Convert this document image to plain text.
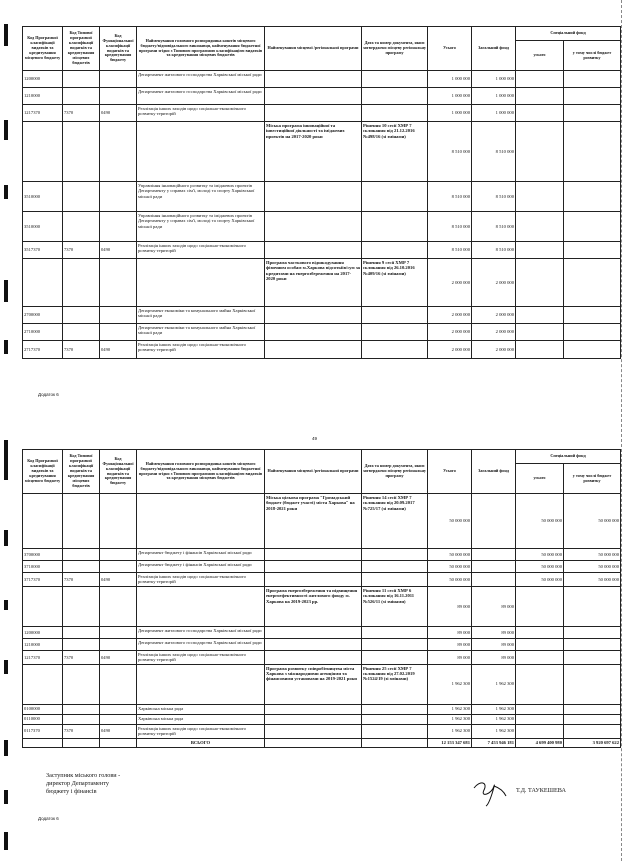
Код Програмної класифікації видатків та кредитування місцевого бюджету	Код Типової програмної класифікації видатків та кредитування місцевих бюджетів	Код Функціональної класифікації видатків та кредитування бюджету	Найменування головного розпорядника коштів місцевого бюджету/відповідального виконавця, найменування бюджетної програми згідно з Типовою програмною класифікацією видатків та кредитування місцевих бюджетів	Найменування місцевої /регіональної програми	Дата та номер документа, яким затверджено місцеву регіональну програму	Усього	Загальний фонд	Спеціальний фонд	
								усього	у тому числі бюджет розвитку
1200000			Департамент житлового господарства Харківської міської ради			1 000 000	1 000 000		
1210000			Департамент житлового господарства Харківської міської ради			1 000 000	1 000 000		
1217370	7370	0490	Реалізація інших заходів щодо соціально-економічного розвитку територій			1 000 000	1 000 000		
				Міська програма інноваційної та інвестиційної діяльності та іміджевих проектів на 2017-2020 роки	Рішення 10 сесії ХМР 7 скликання від 21.12.2016 №498/16 (зі змінами)	8 510 000	8 510 000		
3510000			Управління інноваційного розвитку та іміджевих проектів Департаменту у справах сім'ї, молоді та спорту Харківської міської ради			8 510 000	8 510 000		
3510000			Управління інноваційного розвитку та іміджевих проектів Департаменту у справах сім'ї, молоді та спорту Харківської міської ради			8 510 000	8 510 000		
3517370	7370	0490	Реалізація інших заходів щодо соціально-економічного розвитку територій			8 510 000	8 510 000		
				Програма часткового відшкодування фізичним особам м.Харкова відсоткіів/сум за кредитами на енергозбереження на 2017-2020 роки	Рішення 9 сесії ХМР 7 скликання від 26.10.2016 №409/16 (зі змінами)	2 000 000	2 000 000		
2700000			Департамент економіки та комунального майна Харківської міської ради			2 000 000	2 000 000		
2710000			Департамент економіки та комунального майна Харківської міської ради			2 000 000	2 000 000		
2717370	7370	0490	Реалізація інших заходів щодо соціально-економічного розвитку територій			2 000 000	2 000 000		
Додаток 6
49
Код Програмної класифікації видатків та кредитування місцевого бюджету	Код Типової програмної класифікації видатків та кредитування місцевих бюджетів	Код Функціональної класифікації видатків та кредитування бюджету	Найменування головного розпорядника коштів місцевого бюджету/відповідального виконавця, найменування бюджетної програми згідно з Типовою програмною класифікацією видатків та кредитування місцевих бюджетів	Найменування місцевої /регіональної програми	Дата та номер документа, яким затверджено місцеву регіональну програму	Усього	Загальний фонд	Спеціальний фонд	
								усього	у тому числі бюджет розвитку
				Міська цільова програма "Громадський бюджет (бюджет участі) міста Харкова" на 2018-2021 роки	Рішення 14 сесії ХМР 7 скликання від 20.09.2017 №725/17 (зі змінами)	50 000 000		50 000 000	50 000 000
3700000			Департамент бюджету і фінансів Харківської міської ради			50 000 000		50 000 000	50 000 000
3710000			Департамент бюджету і фінансів Харківської міської ради			50 000 000		50 000 000	50 000 000
3717370	7370	0490	Реалізація інших заходів щодо соціально-економічного розвитку територій			50 000 000		50 000 000	50 000 000
				Програма енергозбереження та підвищення енергоефективності житлового фонду м. Харкова на 2019-2023 рр.	Рішення 11 сесії ХМР 6 скликання від 16.11.2011 №526/11 (зі змінами)	89 000	89 000		
1200000			Департамент житлового господарства Харківської міської ради			89 000	89 000		
1210000			Департамент житлового господарства Харківської міської ради			89 000	89 000		
1217370	7370	0490	Реалізація інших заходів щодо соціально-економічного розвитку територій			89 000	89 000		
				Програма розвитку співробітництва міста Харкова з міжнародними агенціями та фінансовими установами на 2019-2021 роки	Рішення 25 сесії ХМР 7 скликання від 27.02.2019 №1524/19 (зі змінами)	1 962 300	1 962 300		
0100000			Харківська міська рада			1 962 300	1 962 300		
0110000			Харківська міська рада			1 962 300	1 962 300		
0117370	7370	0490	Реалізація інших заходів щодо соціально-економічного розвитку територій			1 962 300	1 962 300		
			ВСЬОГО			12 153 347 681	7 453 946 181	4 699 400 980	3 920 697 622
Заступник міського голови -
директор Департаменту
бюджету і фінансів	Т.Д. ТАУКЕШЕВА
Додаток 6
